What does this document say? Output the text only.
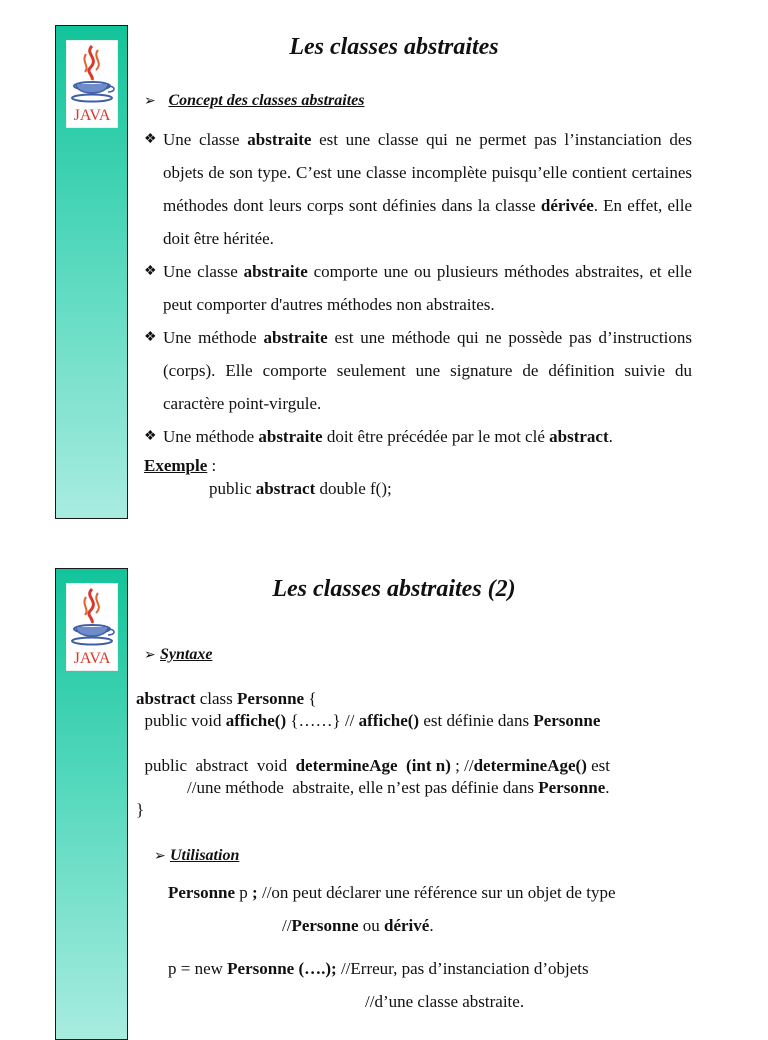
JAVA
Les classes abstraites
➢ Concept des classes abstraites
❖ Une classe abstraite est une classe qui ne permet pas l’instanciation des objets de son type. C’est une classe incomplète puisqu’elle contient certaines méthodes dont leurs corps sont définies dans la classe dérivée. En effet, elle doit être héritée.
❖ Une classe abstraite comporte une ou plusieurs méthodes abstraites, et elle peut comporter d'autres méthodes non abstraites.
❖ Une méthode abstraite est une méthode qui ne possède pas d’instructions (corps). Elle comporte seulement une signature de définition suivie du caractère point-virgule.
❖ Une méthode abstraite doit être précédée par le mot clé abstract.
Exemple :
public abstract double f();
JAVA
Les classes abstraites (2)
➢ Syntaxe
abstract class Personne {
public void affiche() {……} // affiche() est définie dans Personne
public  abstract  void  determineAge  (int n) ; //determineAge() est
//une méthode  abstraite, elle n’est pas définie dans Personne.
}
➢ Utilisation
Personne p ; //on peut déclarer une référence sur un objet de type
//Personne ou dérivé.
p = new Personne (….); //Erreur, pas d’instanciation d’objets
//d’une classe abstraite.
